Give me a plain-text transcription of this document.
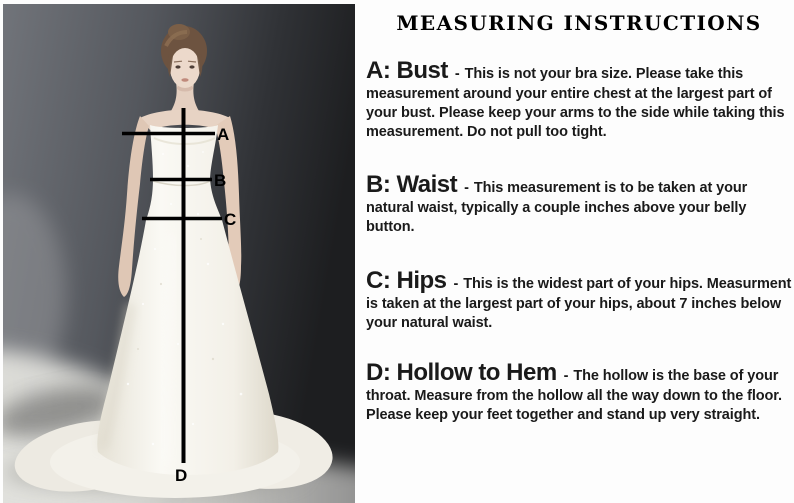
A
B
C
D
MEASURING INSTRUCTIONS

A: Bust - This is not your bra size. Please take this measurement around your entire chest at the largest part of your bust. Please keep your arms to the side while taking this measurement. Do not pull too tight.

B: Waist - This measurement is to be taken at your natural waist, typically a couple inches above your belly button.

C: Hips - This is the widest part of your hips. Measurment is taken at the largest part of your hips, about 7 inches below your natural waist.

D: Hollow to Hem - The hollow is the base of your throat. Measure from the hollow all the way down to the floor. Please keep your feet together and stand up very straight.
